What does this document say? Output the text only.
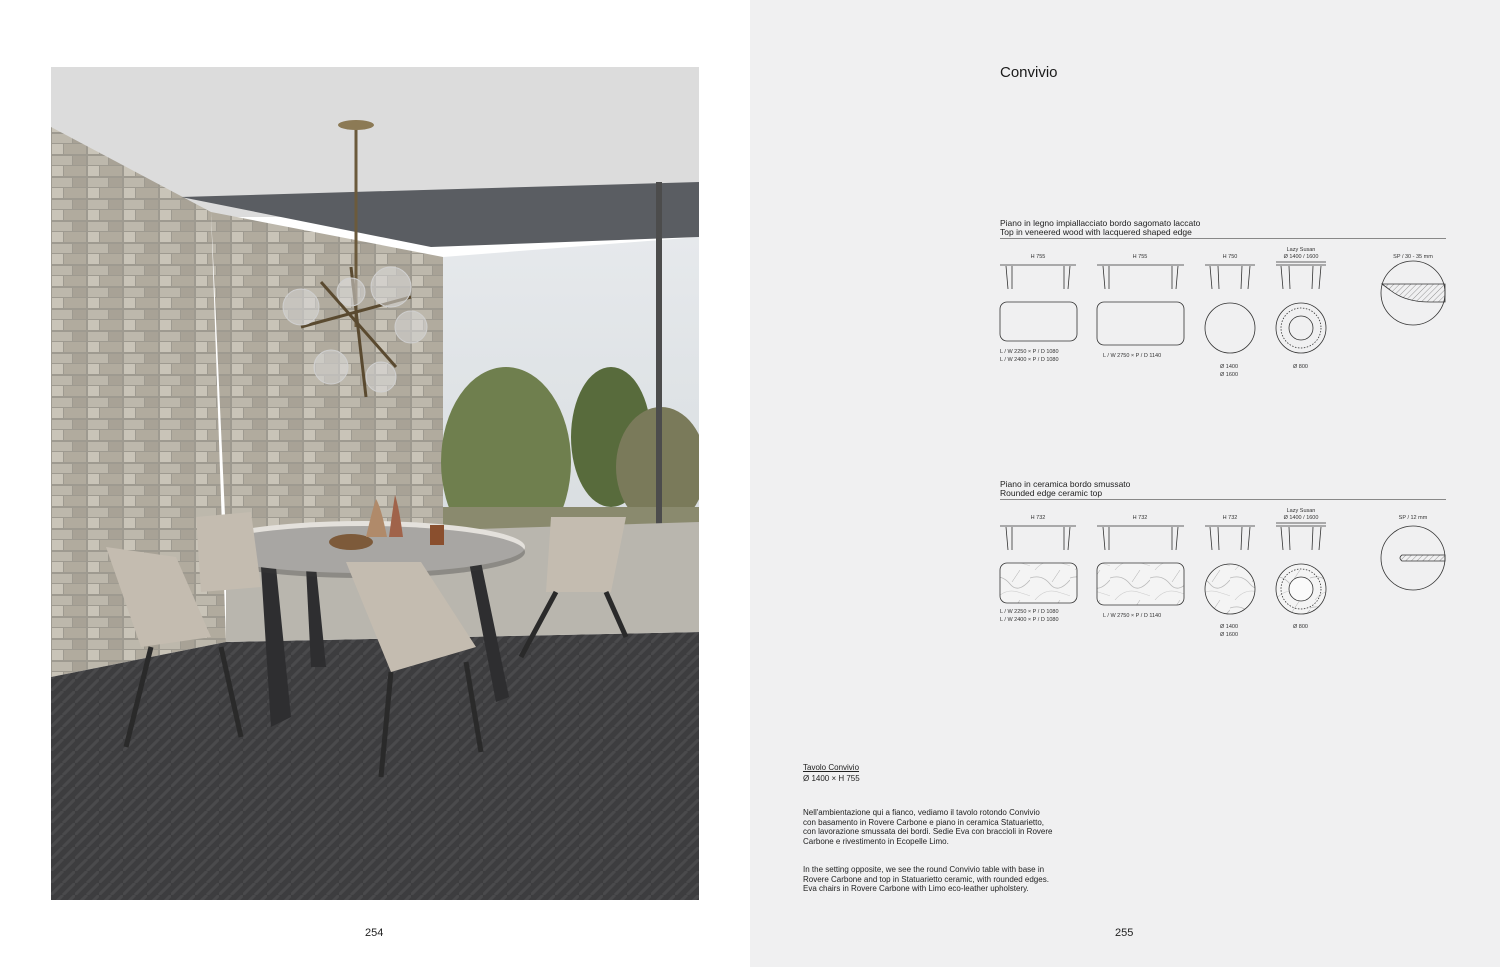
254
Convivio
Piano in legno impiallacciato bordo sagomato laccato
Top in veneered wood with lacquered shaped edge
H 755	H 755	H 750
Lazy Susan
Ø 1400 / 1600	SP / 30 - 35 mm
L / W 2250 × P / D 1080
L / W 2400 × P / D 1080
L / W 2750 × P / D 1140
Ø 1400
Ø 1600
Ø 800
Piano in ceramica bordo smussato
Rounded edge ceramic top
H 732	H 732	H 732
Lazy Susan
Ø 1400 / 1600	SP / 12 mm
L / W 2250 × P / D 1080
L / W 2400 × P / D 1080
L / W 2750 × P / D 1140
Ø 1400
Ø 1600
Ø 800
Tavolo Convivio
Ø 1400 × H 755
Nell'ambientazione qui a fianco, vediamo il tavolo rotondo Convivio con basamento in Rovere Carbone e piano in ceramica Statuarietto, con lavorazione smussata dei bordi. Sedie Eva con braccioli in Rovere Carbone e rivestimento in Ecopelle Limo.
In the setting opposite, we see the round Convivio table with base in Rovere Carbone and top in Statuarietto ceramic, with rounded edges. Eva chairs in Rovere Carbone with Limo eco-leather upholstery.
255
